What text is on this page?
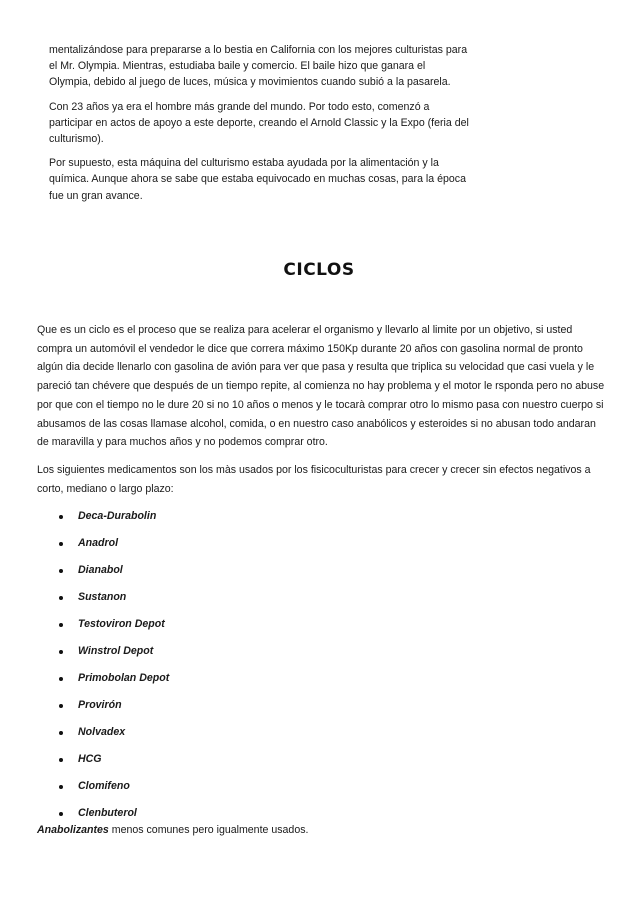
mentalizándose para prepararse a lo bestia en California con los mejores culturistas para el Mr. Olympia. Mientras, estudiaba baile y comercio. El baile hizo que ganara el Olympia, debido al juego de luces, música y movimientos cuando subió a la pasarela.

Con 23 años ya era el hombre más grande del mundo. Por todo esto, comenzó a participar en actos de apoyo a este deporte, creando el Arnold Classic y la Expo (feria del culturismo).

Por supuesto, esta máquina del culturismo estaba ayudada por la alimentación y la química. Aunque ahora se sabe que estaba equivocado en muchas cosas, para la época fue un gran avance.

CICLOS

Que es un ciclo es el proceso que se realiza para acelerar el organismo y llevarlo al limite por un objetivo, si usted compra un automóvil el vendedor le dice que correra máximo 150Kp durante 20 años con gasolina normal de pronto algún dia decide llenarlo con gasolina de avión para ver que pasa y resulta que triplica su velocidad que casi vuela y le pareció tan chévere que después de un tiempo repite, al comienza no hay problema y el motor le rsponda pero no abuse por que con el tiempo no le dure 20 si no 10 años o menos y le tocarà comprar otro lo mismo pasa con nuestro cuerpo si abusamos de las cosas llamase alcohol, comida, o en nuestro caso anabólicos y esteroides si no abusan todo andaran de maravilla y para muchos años y no podemos comprar otro.

Los siguientes medicamentos son los màs usados por los fisicoculturistas para crecer y crecer sin efectos negativos a corto, mediano o largo plazo:

Deca-Durabolin
Anadrol
Dianabol
Sustanon
Testoviron Depot
Winstrol Depot
Primobolan Depot
Provirón
Nolvadex
HCG
Clomifeno
Clenbuterol
Anabolizantes menos comunes pero igualmente usados.
